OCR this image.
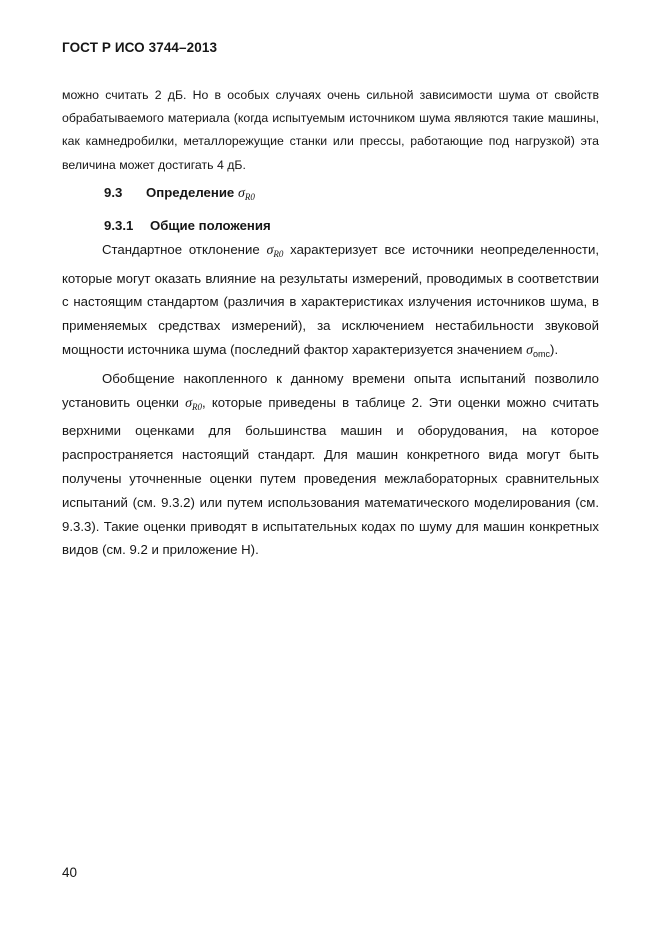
ГОСТ Р ИСО 3744–2013

можно считать 2 дБ. Но в особых случаях очень сильной зависимости шума от свойств обрабатываемого материала (когда испытуемым источником шума являются такие машины, как камнедробилки, металлорежущие станки или прессы, работающие под нагрузкой) эта величина может достигать 4 дБ.

9.3 Определение $\sigma_{R0}$
9.3.1 Общие положения

Стандартное отклонение $\sigma_{R0}$ характеризует все источники неопределенности, которые могут оказать влияние на результаты измерений, проводимых в соответствии с настоящим стандартом (различия в характеристиках излучения источников шума, в применяемых средствах измерений), за исключением нестабильности звуковой мощности источника шума (последний фактор характеризуется значением $\sigma_{omc}$).

Обобщение накопленного к данному времени опыта испытаний позволило установить оценки $\sigma_{R0}$, которые приведены в таблице 2. Эти оценки можно считать верхними оценками для большинства машин и оборудования, на которое распространяется настоящий стандарт. Для машин конкретного вида могут быть получены уточненные оценки путем проведения межлабораторных сравнительных испытаний (см. 9.3.2) или путем использования математического моделирования (см. 9.3.3). Такие оценки приводят в испытательных кодах по шуму для машин конкретных видов (см. 9.2 и приложение Н).

40
